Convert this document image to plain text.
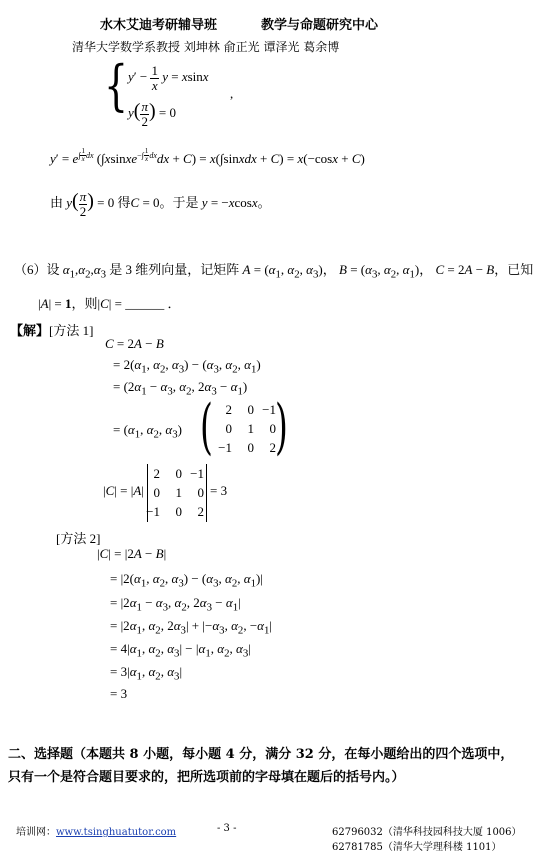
水木艾迪考研辅导班	教学与命题研究中心
清华大学数学系教授 刘坤林 俞正光 谭泽光 葛余博
{ $y' - \frac{1}{x}$ y = xsinx
$y( \frac{\pi}{2}$ ) = 0
,
$y' = e^{\int \frac{1}{x} dx}$ (∫xsinxe$^{-\int \frac{1}{x} dx}$dx + C) = x(∫sinxdx + C) = x(−cosx + C)
由 $y( \frac{\pi}{2}$ ) = 0 得C = 0。于是 y = −xcosx。
（6）设 $\alpha_1,\alpha_2,\alpha_3$ 是 3 维列向量，记矩阵 $A = (\alpha_1$, $\alpha_2$, $\alpha_3$)， $B = (\alpha_3$, $\alpha_2$, $\alpha_1$)， C = 2A − B，已知
|A| = 1，则|C| = ______ ．
【解】[方法 1]
C = 2A − B
= $2(\alpha_1$, $\alpha_2$, $\alpha_3) - (\alpha_3$, $\alpha_2$, $\alpha_1$)
= ($2\alpha_1 - \alpha_3$, $\alpha_2$, $2\alpha_3 - \alpha_1$)
= ($\alpha_1$, $\alpha_2$, $\alpha_3$) ( 2 0 −1
0 1 0
−1 0 2 )
|C| = |A|
2 0 −1
0 1 0
−1 0 2
= 3
[方法 2]
|C| = |2A − B|
= $|2(\alpha_1$, $\alpha_2$, $\alpha_3) - (\alpha_3$, $\alpha_2$, $\alpha_1)|$
= $|2\alpha_1 - \alpha_3$, $\alpha_2$, $2\alpha_3 - \alpha_1|$
= $|2\alpha_1$, $\alpha_2$, $2\alpha_3| + |-\alpha_3$, $\alpha_2$, $-\alpha_1|$
= $4|\alpha_1$, $\alpha_2$, $\alpha_3| - |\alpha_1$, $\alpha_2$, $\alpha_3|$
= $3|\alpha_1$, $\alpha_2$, $\alpha_3|$
= 3
二、选择题（本题共 8 小题，每小题 4 分，满分 32 分，在每小题给出的四个选项中，
只有一个是符合题目要求的，把所选项前的字母填在题后的括号内。）
培训网：www.tsinghuatutor.com	- 3 -	62796032（清华科技园科技大厦 1006）
62781785（清华大学理科楼 1101）
